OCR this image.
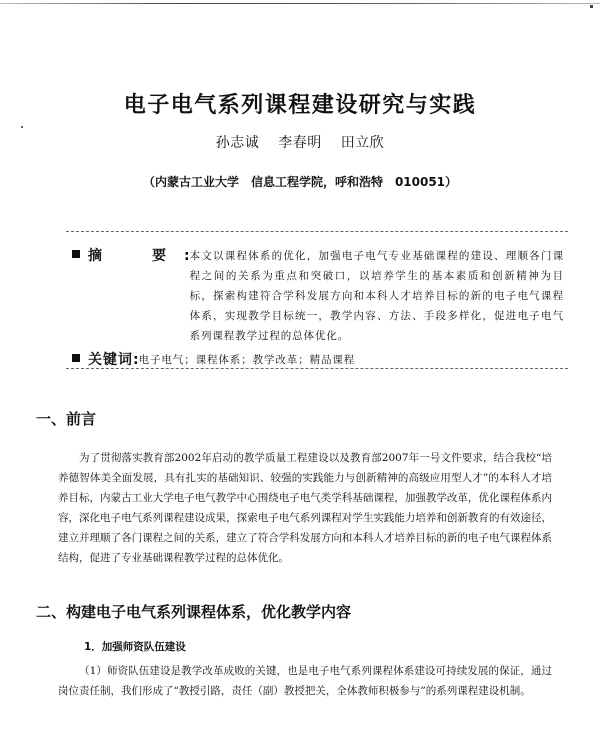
电子电气系列课程建设研究与实践
孙志诚 李春明 田立欣
（内蒙古工业大学　信息工程学院，呼和浩特　010051）
摘　要: 本文以课程体系的优化，加强电子电气专业基础课程的建设、理顺各门课程之间的关系为重点和突破口，以培养学生的基本素质和创新精神为目标，探索构建符合学科发展方向和本科人才培养目标的新的电子电气课程体系，实现教学目标统一，教学内容、方法、手段多样化，促进电子电气系列课程教学过程的总体优化。
关键词: 电子电气；课程体系；教学改革；精品课程
一、前言
为了贯彻落实教育部2002年启动的教学质量工程建设以及教育部2007年一号文件要求，结合我校“培养德智体美全面发展，具有扎实的基础知识、较强的实践能力与创新精神的高级应用型人才”的本科人才培养目标，内蒙古工业大学电子电气教学中心围绕电子电气类学科基础课程，加强教学改革，优化课程体系内容，深化电子电气系列课程建设成果，探索电子电气系列课程对学生实践能力培养和创新教育的有效途径，建立并理顺了各门课程之间的关系，建立了符合学科发展方向和本科人才培养目标的新的电子电气课程体系结构，促进了专业基础课程教学过程的总体优化。
二、构建电子电气系列课程体系，优化教学内容
1．加强师资队伍建设
（1）师资队伍建设是教学改革成败的关键，也是电子电气系列课程体系建设可持续发展的保证，通过岗位责任制，我们形成了“教授引路，责任（副）教授把关，全体教师积极参与”的系列课程建设机制。
